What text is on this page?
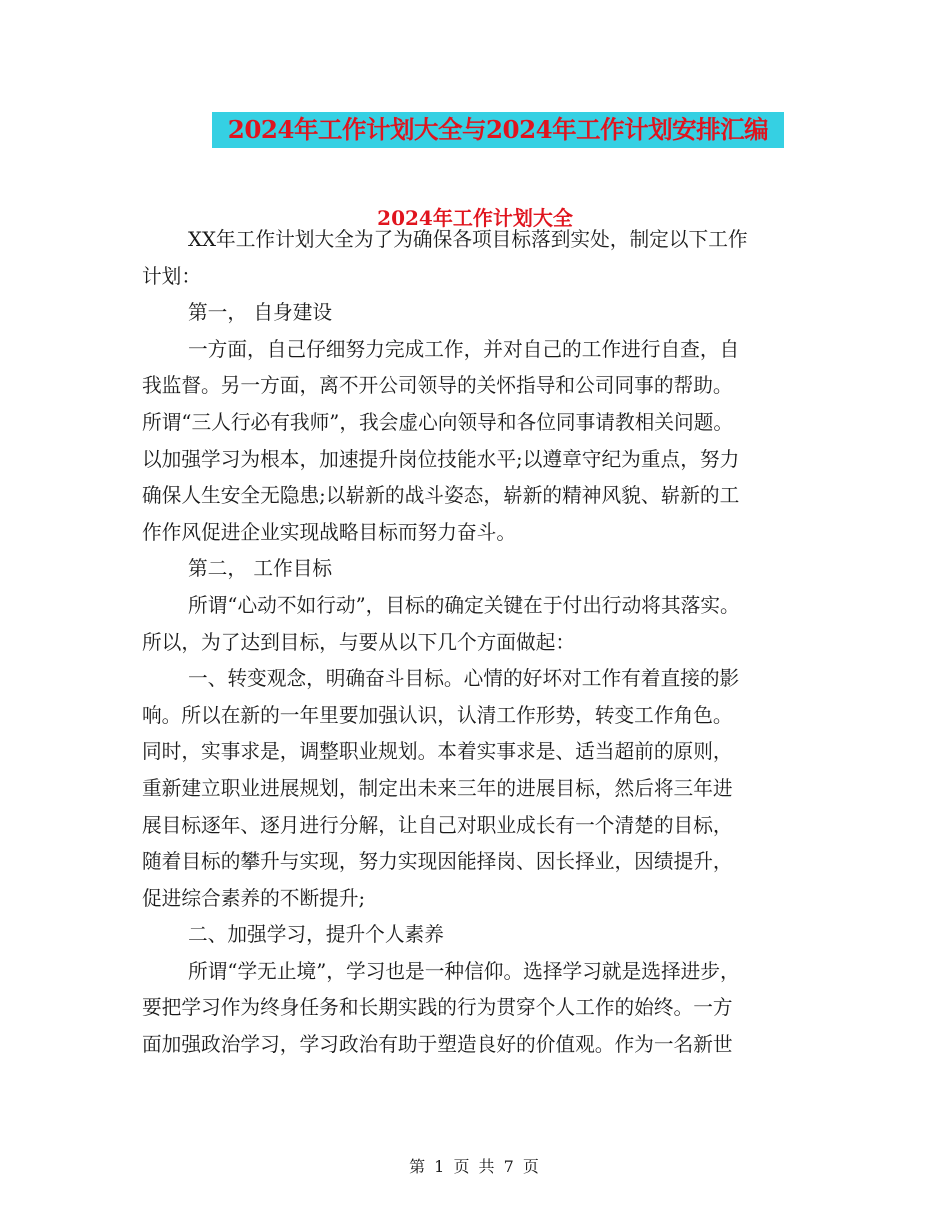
2024年工作计划大全与2024年工作计划安排汇编
2024年工作计划大全
XX年工作计划大全为了为确保各项目标落到实处，制定以下工作
计划：
第一， 自身建设
一方面，自己仔细努力完成工作，并对自己的工作进行自查，自
我监督。另一方面，离不开公司领导的关怀指导和公司同事的帮助。
所谓“三人行必有我师”，我会虚心向领导和各位同事请教相关问题。
以加强学习为根本，加速提升岗位技能水平;以遵章守纪为重点，努力
确保人生安全无隐患;以崭新的战斗姿态，崭新的精神风貌、崭新的工
作作风促进企业实现战略目标而努力奋斗。
第二， 工作目标
所谓“心动不如行动”，目标的确定关键在于付出行动将其落实。
所以，为了达到目标，与要从以下几个方面做起：
一、转变观念，明确奋斗目标。心情的好坏对工作有着直接的影
响。所以在新的一年里要加强认识，认清工作形势，转变工作角色。
同时，实事求是，调整职业规划。本着实事求是、适当超前的原则，
重新建立职业进展规划，制定出未来三年的进展目标，然后将三年进
展目标逐年、逐月进行分解，让自己对职业成长有一个清楚的目标，
随着目标的攀升与实现，努力实现因能择岗、因长择业，因绩提升，
促进综合素养的不断提升;
二、加强学习，提升个人素养
所谓“学无止境”，学习也是一种信仰。选择学习就是选择进步，
要把学习作为终身任务和长期实践的行为贯穿个人工作的始终。一方
面加强政治学习，学习政治有助于塑造良好的价值观。作为一名新世
第 1 页 共 7 页
